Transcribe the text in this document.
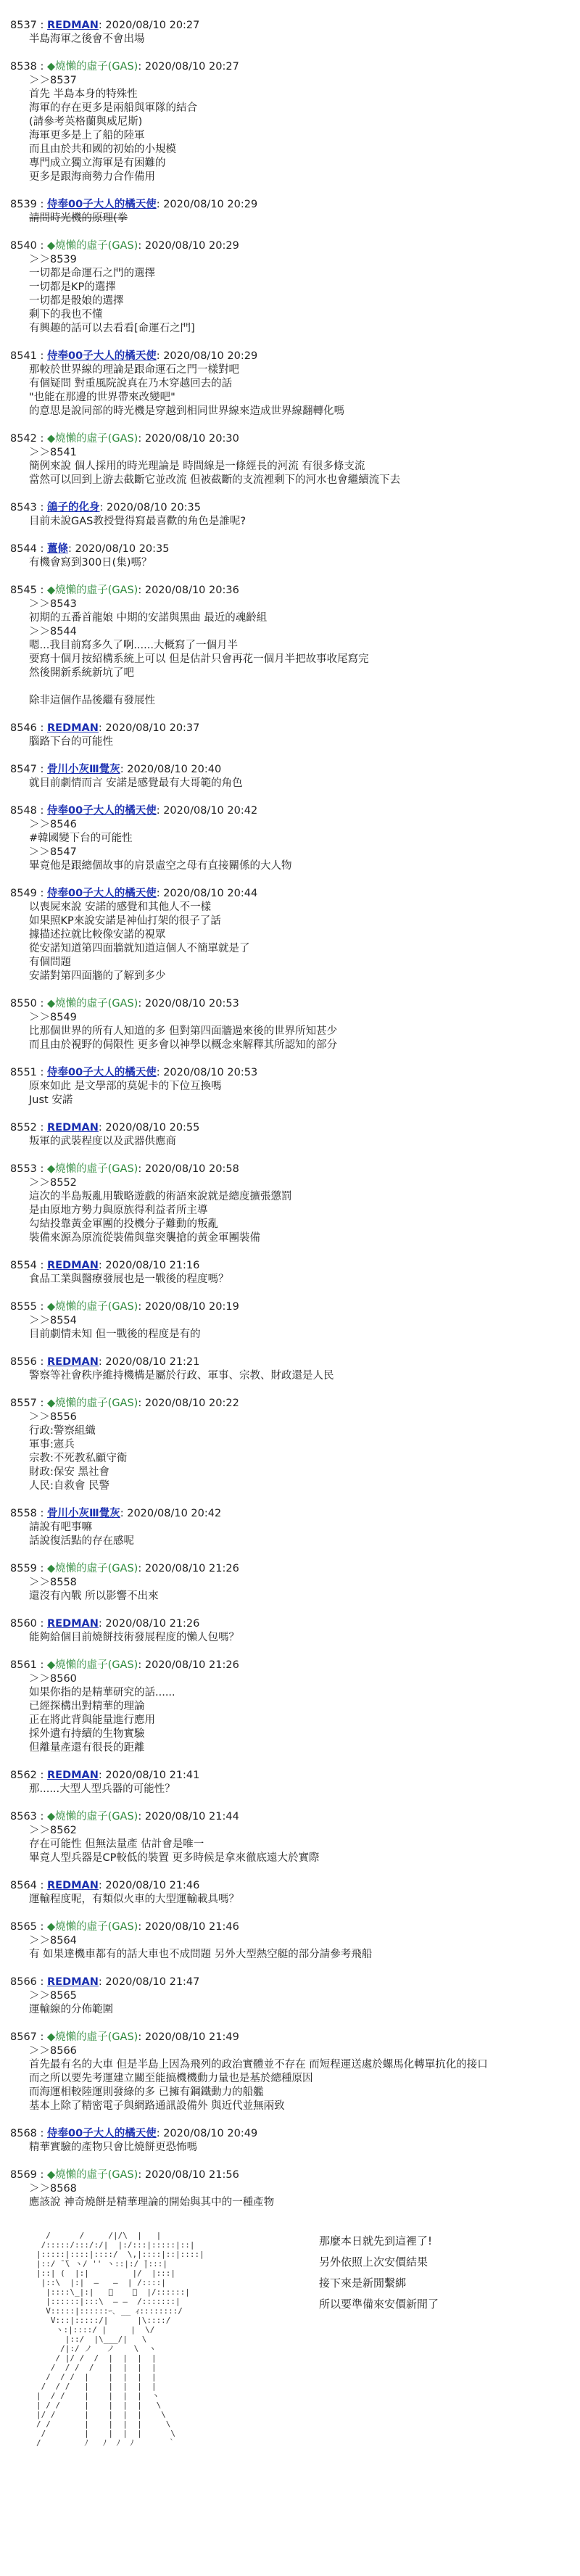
8537 : REDMAN: 2020/08/10 20:27
半島海軍之後會不會出場
8538 : ◆燒懶的虛子(GAS): 2020/08/10 20:27
＞＞8537
首先 半島本身的特殊性
海軍的存在更多是兩船與軍隊的結合
(請參考英格蘭與威尼斯)
海軍更多是上了船的陸軍
而且由於共和國的初始的小規模
專門成立獨立海軍是有困難的
更多是跟海商勢力合作備用
8539 : 侍奉00子大人的橘天使: 2020/08/10 20:29
請問時光機的原理(拳
8540 : ◆燒懶的虛子(GAS): 2020/08/10 20:29
＞＞8539
一切都是命運石之門的選擇
一切都是KP的選擇
一切都是骰娘的選擇
剩下的我也不懂
有興趣的話可以去看看[命運石之門]
8541 : 侍奉00子大人的橘天使: 2020/08/10 20:29
那較於世界線的理論是跟命運石之門一樣對吧
有個疑問 對重風院說真在乃木穿越回去的話
"也能在那邊的世界帶來改變吧"
的意思是說同部的時光機是穿越到相同世界線來造成世界線翻轉化嗎
8542 : ◆燒懶的虛子(GAS): 2020/08/10 20:30
＞＞8541
簡例來說 個人採用的時光理論是 時間線是一條經長的河流 有很多條支流
當然可以回到上游去截斷它並改流 但被截斷的支流裡剩下的河水也會繼續流下去
8543 : 鴿子的化身: 2020/08/10 20:35
目前未說GAS教授覺得寫最喜歡的角色是誰呢?
8544 : 薑條: 2020/08/10 20:35
有機會寫到300日(集)嗎？
8545 : ◆燒懶的虛子(GAS): 2020/08/10 20:36
＞＞8543
初期的五番首龍娘 中期的安諾與黑曲 最近的魂齡組
＞＞8544
嗯...我目前寫多久了啊......大概寫了一個月半
要寫十個月按紹構系統上可以 但是估計只會再花一個月半把故事收尾寫完
然後開新系統新坑了吧

除非這個作品後繼有發展性
8546 : REDMAN: 2020/08/10 20:37
腦路下台的可能性
8547 : 骨川小灰Ⅲ覺灰: 2020/08/10 20:40
就目前劇情而言 安諾是感覺最有大哥範的角色
8548 : 侍奉00子大人的橘天使: 2020/08/10 20:42
＞＞8546
#韓國變下台的可能性
＞＞8547
畢竟他是跟總個故事的肩景虛空之母有直接關係的大人物
8549 : 侍奉00子大人的橘天使: 2020/08/10 20:44
以喪屍來說 安諾的感覺和其他人不一樣
如果照KP來說安諾是神仙打架的很子了話
據描述拉就比較像安諾的視眾
從安諾知道第四面牆就知道這個人不簡單就是了
有個問題
安諾對第四面牆的了解到多少
8550 : ◆燒懶的虛子(GAS): 2020/08/10 20:53
＞＞8549
比那個世界的所有人知道的多 但對第四面牆過來後的世界所知甚少
而且由於視野的侷限性 更多會以神學以概念來解釋其所認知的部分
8551 : 侍奉00子大人的橘天使: 2020/08/10 20:53
原來如此 是文學部的莫妮卡的下位互換嗎
Just 安諾
8552 : REDMAN: 2020/08/10 20:55
叛軍的武裝程度以及武器供應商
8553 : ◆燒懶的虛子(GAS): 2020/08/10 20:58
＞＞8552
這次的半島叛亂用戰略遊戲的術語來說就是總度擴張懲罰
是由原地方勢力與原族得利益者所主導
勾結投靠黃金軍團的投機分子難動的叛亂
裝備來源為原流從裝備與靠突襲搶的黃金軍團裝備
8554 : REDMAN: 2020/08/10 21:16
食品工業與醫療發展也是一戰後的程度嗎？
8555 : ◆燒懶的虛子(GAS): 2020/08/10 20:19
＞＞8554
目前劇情未知 但一戰後的程度是有的
8556 : REDMAN: 2020/08/10 21:21
警察等社會秩序維持機構是屬於行政、軍事、宗教、財政還是人民
8557 : ◆燒懶的虛子(GAS): 2020/08/10 20:22
＞＞8556
行政:警察組織
軍事:憲兵
宗教:不死教私顧守衛
財政:保安 黑社會
人民:自救會 民警
8558 : 骨川小灰Ⅲ覺灰: 2020/08/10 20:42
請說有吧事嘛
話說復活點的存在感呢
8559 : ◆燒懶的虛子(GAS): 2020/08/10 21:26
＞＞8558
還沒有內戰 所以影響不出來
8560 : REDMAN: 2020/08/10 21:26
能夠給個目前燒餅技術發展程度的懶人包嗎？
8561 : ◆燒懶的虛子(GAS): 2020/08/10 21:26
＞＞8560
如果你指的是精華研究的話......
已經探構出對精華的理論
正在將此背與能量進行應用
採外遺有持續的生物實驗
但離量產還有很長的距離
8562 : REDMAN: 2020/08/10 21:41
那......大型人型兵器的可能性？
8563 : ◆燒懶的虛子(GAS): 2020/08/10 21:44
＞＞8562
存在可能性 但無法量產 估計會是唯一
畢竟人型兵器是CP較低的裝置 更多時候是拿來徹底遠大於實際
8564 : REDMAN: 2020/08/10 21:46
運輸程度呢，有類似火車的大型運輸載具嗎？
8565 : ◆燒懶的虛子(GAS): 2020/08/10 21:46
＞＞8564
有 如果達機車都有的話大車也不成問題 另外大型熱空艇的部分請參考飛船
8566 : REDMAN: 2020/08/10 21:47
＞＞8565
運輸線的分佈範圍
8567 : ◆燒懶的虛子(GAS): 2020/08/10 21:49
＞＞8566
首先最有名的大車 但是半島上因為飛列的政治實體並不存在 而短程運送處於螺馬化轉單抗化的接口
而之所以要先考運建立關至能搞機機動力量也是基於總種原因
而海運相較陸運則發綠的多 已擁有鋼鐵動力的船艦
基本上除了精密電子與網路通訊設備外 與近代並無兩致
8568 : 侍奉00子大人的橘天使: 2020/08/10 20:49
精華實驗的產物只會比燒餅更恐怖嗎
8569 : ◆燒懶的虛子(GAS): 2020/08/10 21:56
＞＞8568
應該說 神奇燒餅是精華理論的開始與其中的一種產物
/      /     /|/\  |   |
/:::::/:::/:/|  |:/:::|:::::|::|
|:::::|::::|::::/  \,|::::|::|::::|
|::/ ̄ ̄\ ヽ/ '' ヽ::|:/ ̄|:::|
|::| (  |:|         |/  |:::|
|::\  |:|  ―   ―  | /::::|
|::::\_|:|   ﾟ    ﾟ  |/::::::|
|::::::|:::\  ― ―  /:::::::|
V:::::|::::::ｰ､ __ ｨ::::::::/
V:::|:::::/|      |\::::/
ヽ:|::::/ |     |  \/
|::/  |\___/|   \
/|:/ ノ   ノ    \  ヽ
/ |/ /  /  |  |  |  |
/  / /  /   |  |  |  |
/  / /  |    |  |  |  |
/  / /   |    |  |  |  |
|  / /    |    |  |  |  ヽ
| / /     |    |  |  |   \
|/ /      |    |  |  |    \
/ /       |    |  |  |     \
/        |    |  |  |      \
/         ﾉ   ﾉ  ﾉ  ﾉ       ｀
那麼本日就先到這裡了!
另外依照上次安價結果
接下來是新閒繫綁
所以要準備來安價新閒了
